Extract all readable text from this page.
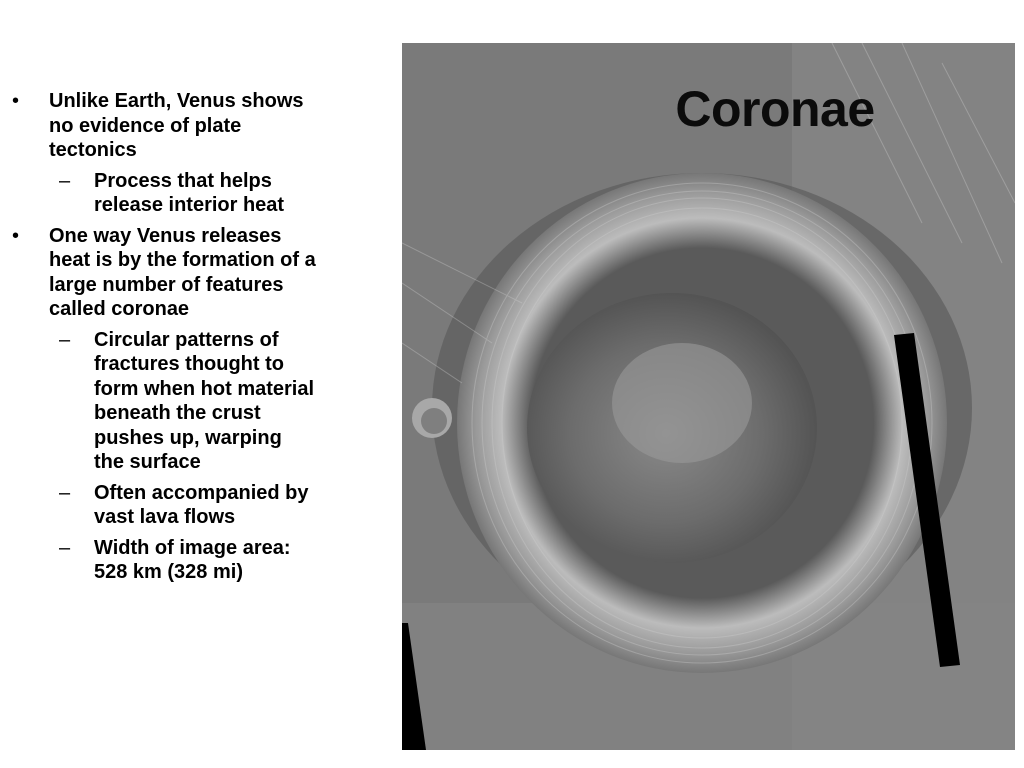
Coronae
•	Unlike Earth, Venus shows no evidence of plate tectonics
–	Process that helps release interior heat
•	One way Venus releases heat is by the formation of a large number of features called coronae
–	Circular patterns of fractures thought to form when hot material beneath the crust pushes up, warping the surface
–	Often accompanied by vast lava flows
–	Width of image area: 528 km (328 mi)
